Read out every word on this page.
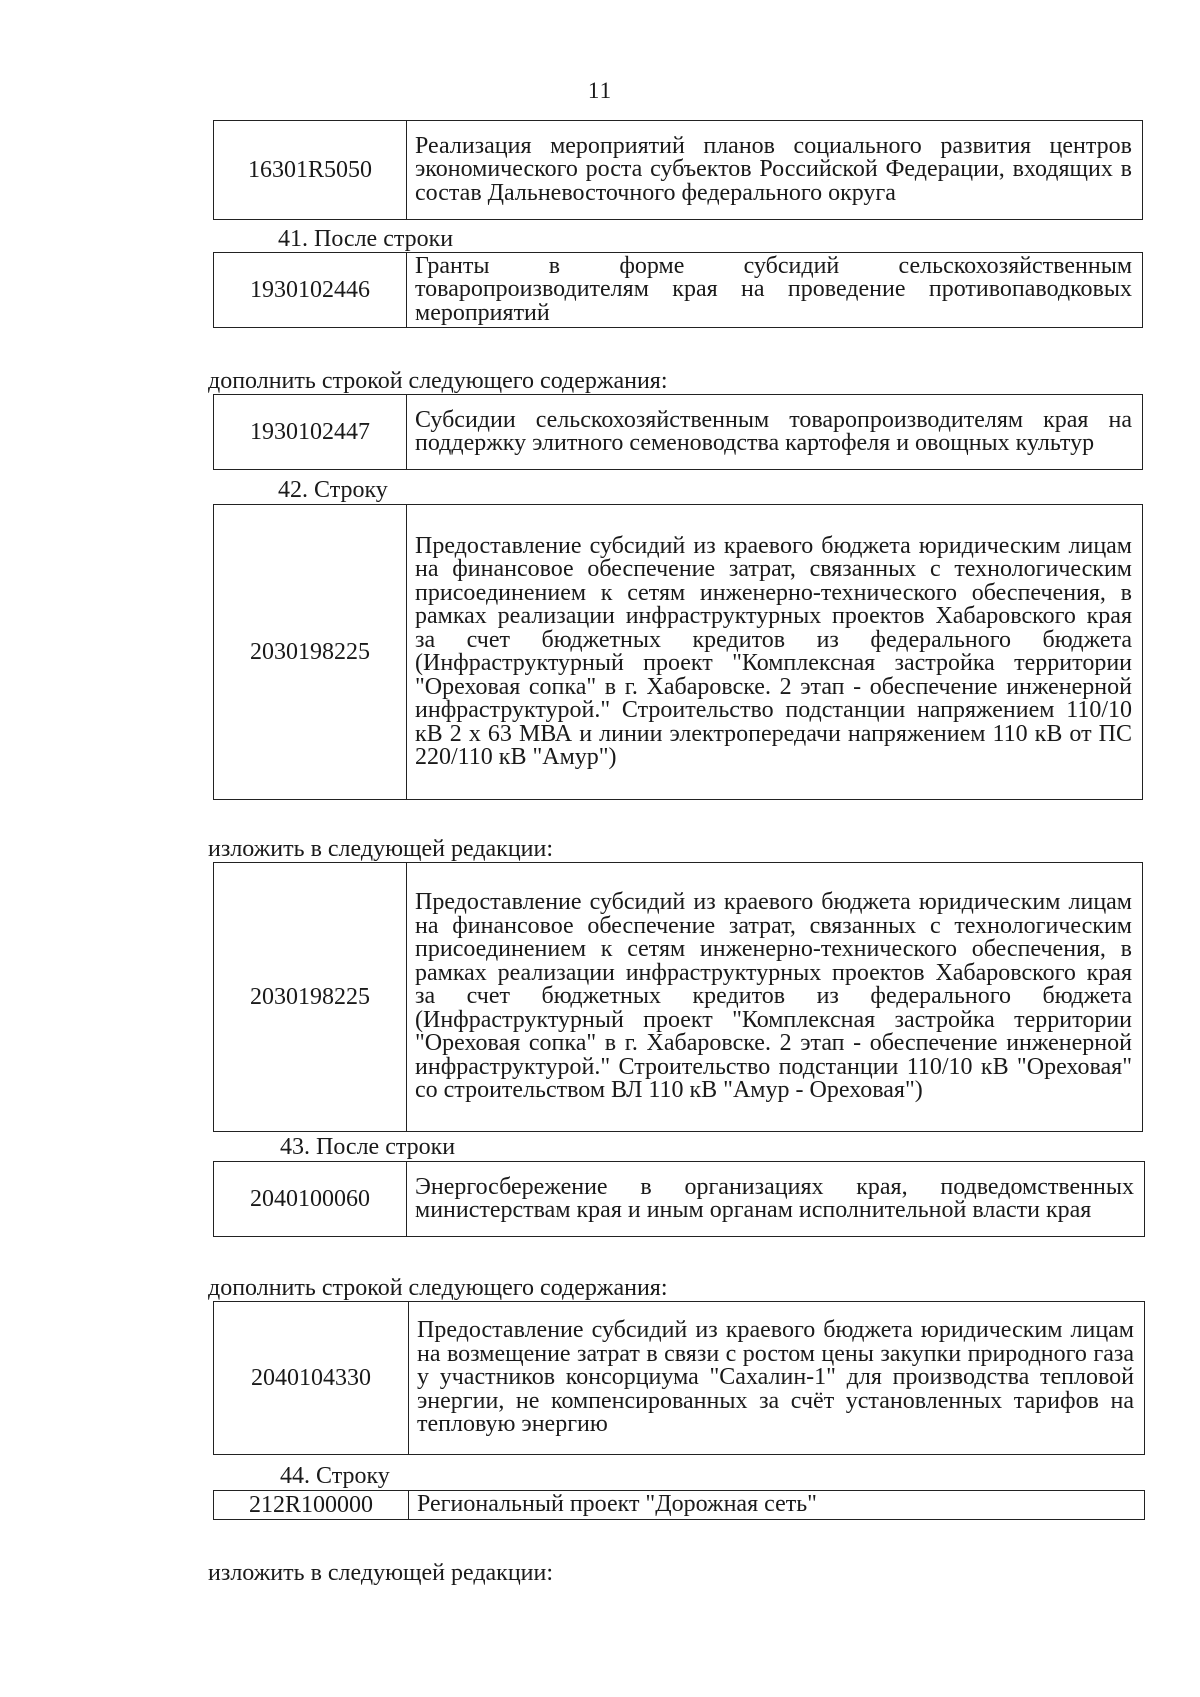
11
16301R5050	Реализация мероприятий планов социального развития центров экономического роста субъектов Российской Федерации, входящих в состав Дальневосточного федерального округа
41. После строки
1930102446	Гранты в форме субсидий сельскохозяйственным товаропроизводителям края на проведение противопаводковых мероприятий
дополнить строкой следующего содержания:
1930102447	Субсидии сельскохозяйственным товаропроизводителям края на поддержку элитного семеноводства картофеля и овощных культур
42. Строку
2030198225	Предоставление субсидий из краевого бюджета юридическим лицам на финансовое обеспечение затрат, связанных с технологическим присоединением к сетям инженерно-технического обеспечения, в рамках реализации инфраструктурных проектов Хабаровского края за счет бюджетных кредитов из федерального бюджета (Инфраструктурный проект "Комплексная застройка территории "Ореховая сопка" в г. Хабаровске. 2 этап - обеспечение инженерной инфраструктурой." Строительство подстанции напряжением 110/10 кВ 2 х 63 МВА и линии электропередачи напряжением 110 кВ от ПС 220/110 кВ "Амур")
изложить в следующей редакции:
2030198225	Предоставление субсидий из краевого бюджета юридическим лицам на финансовое обеспечение затрат, связанных с технологическим присоединением к сетям инженерно-технического обеспечения, в рамках реализации инфраструктурных проектов Хабаровского края за счет бюджетных кредитов из федерального бюджета (Инфраструктурный проект "Комплексная застройка территории "Ореховая сопка" в г. Хабаровске. 2 этап - обеспечение инженерной инфраструктурой." Строительство подстанции 110/10 кВ "Ореховая" со строительством ВЛ 110 кВ "Амур - Ореховая")
43. После строки
2040100060	Энергосбережение в организациях края, подведомственных министерствам края и иным органам исполнительной власти края
дополнить строкой следующего содержания:
2040104330	Предоставление субсидий из краевого бюджета юридическим лицам на возмещение затрат в связи с ростом цены закупки природного газа у участников консорциума "Сахалин-1" для производства тепловой энергии, не компенсированных за счёт установленных тарифов на тепловую энергию
44. Строку
212R100000	Региональный проект "Дорожная сеть"
изложить в следующей редакции:
